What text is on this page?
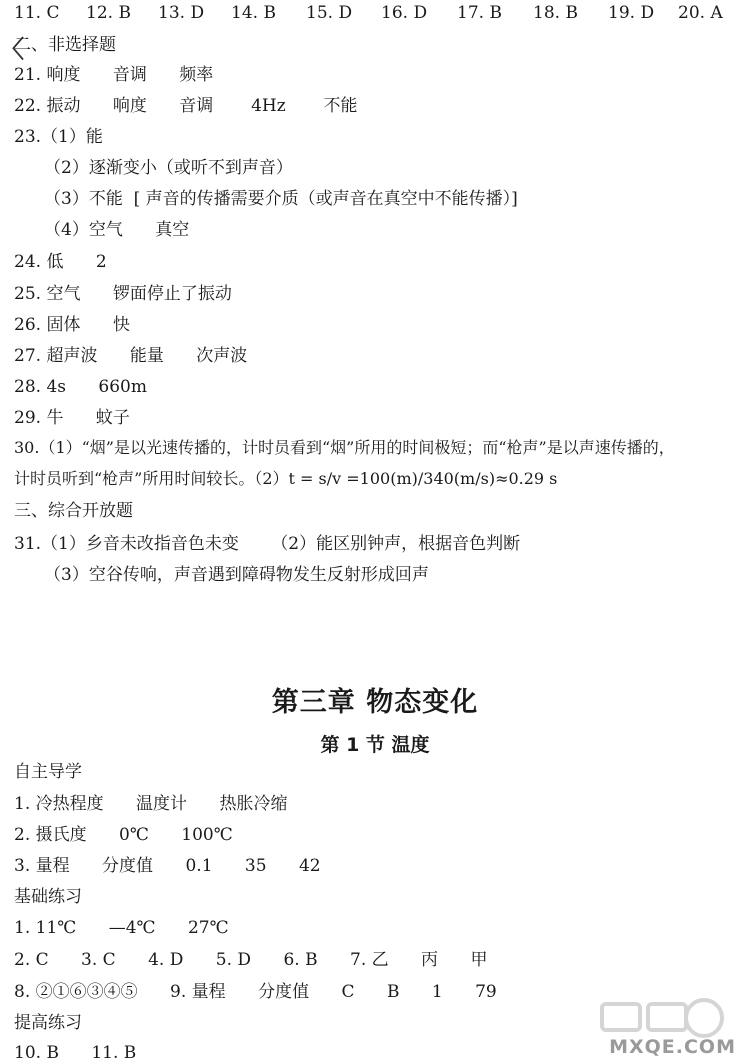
11. C 12. B 13. D 14. B 15. D 16. D 17. B 18. B 19. D 20. A
〈
二、非选择题
21. 响度      音调      频率
22. 振动      响度      音调       4Hz       不能
23.（1）能
（2）逐渐变小（或听不到声音）
（3）不能  [ 声音的传播需要介质（或声音在真空中不能传播）]
（4）空气      真空
24. 低      2
25. 空气      锣面停止了振动
26. 固体      快
27. 超声波      能量      次声波
28. 4s      660m
29. 牛      蚊子
30.（1）“烟”是以光速传播的，计时员看到“烟”所用的时间极短；而“枪声”是以声速传播的，
计时员听到“枪声”所用时间较长。（2）t = s/v =100(m)/340(m/s)≈0.29 s
三、综合开放题
31.（1）乡音未改指音色未变      （2）能区别钟声，根据音色判断
（3）空谷传响，声音遇到障碍物发生反射形成回声
第三章 物态变化
第 1 节 温度
自主导学
1. 冷热程度      温度计      热胀冷缩
2. 摄氏度      0℃      100℃
3. 量程      分度值      0.1      35      42
基础练习
1. 11℃      —4℃      27℃
2. C      3. C      4. D      5. D      6. B      7. 乙      丙      甲
8. ②①⑥③④⑤      9. 量程      分度值      C      B      1      79
提高练习
10. B      11. B	MXQE.COM
